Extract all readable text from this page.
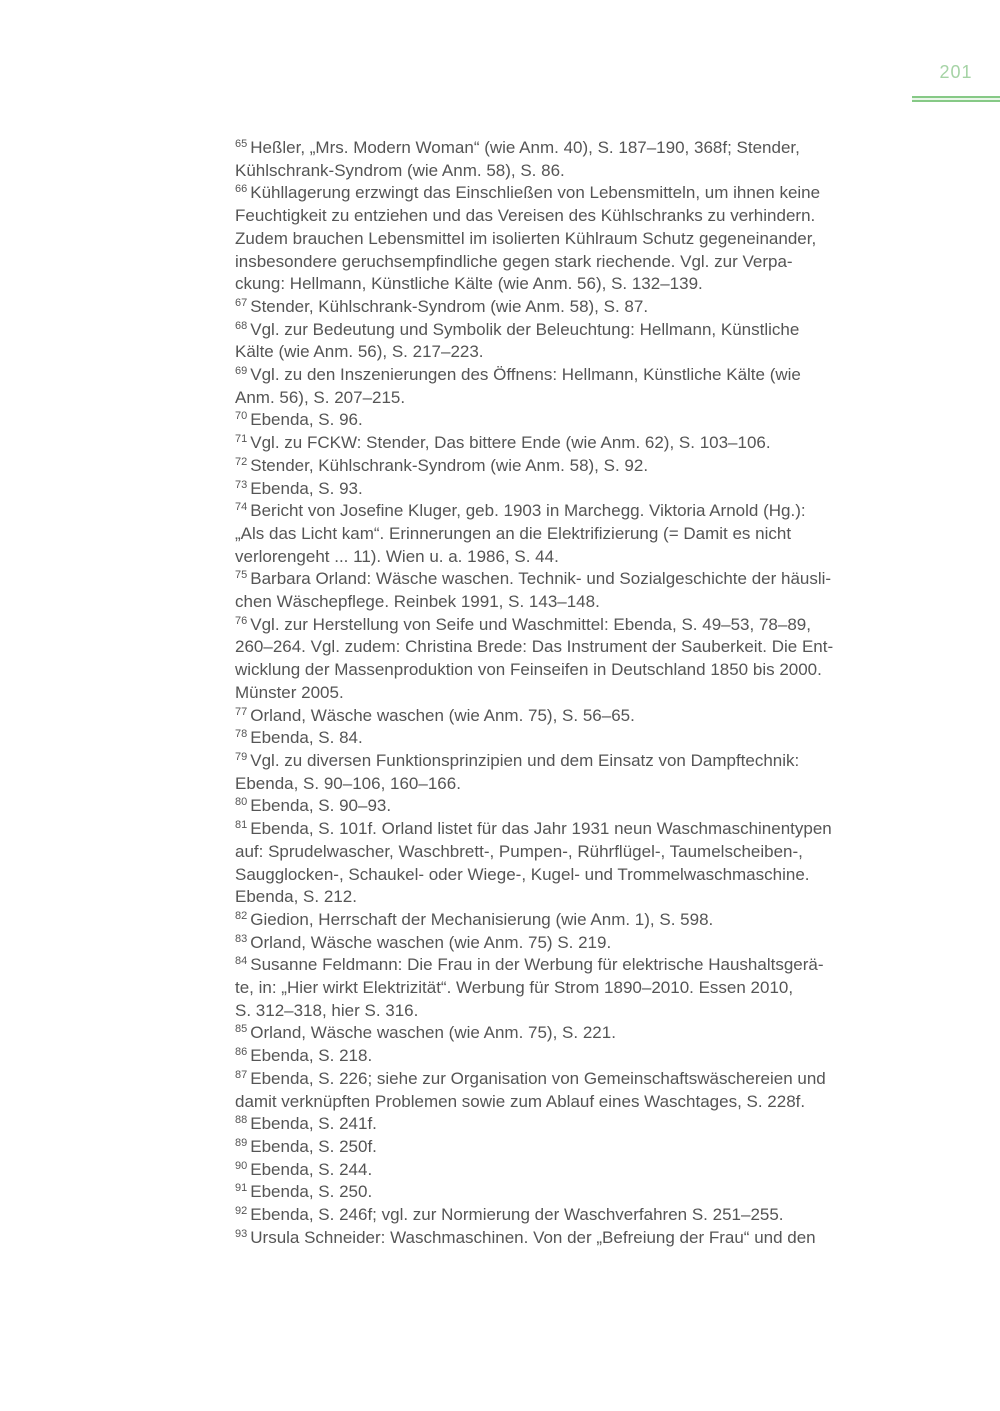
201

$^{65}$ Heßler, „Mrs. Modern Woman“ (wie Anm. 40), S. 187–190, 368f; Stender,
Kühlschrank-Syndrom (wie Anm. 58), S. 86.

$^{66}$ Kühllagerung erzwingt das Einschließen von Lebensmitteln, um ihnen keine
Feuchtigkeit zu entziehen und das Vereisen des Kühlschranks zu verhindern.
Zudem brauchen Lebensmittel im isolierten Kühlraum Schutz gegeneinander,
insbesondere geruchsempfindliche gegen stark riechende. Vgl. zur Verpa-
ckung: Hellmann, Künstliche Kälte (wie Anm. 56), S. 132–139.

$^{67}$ Stender, Kühlschrank-Syndrom (wie Anm. 58), S. 87.

$^{68}$ Vgl. zur Bedeutung und Symbolik der Beleuchtung: Hellmann, Künstliche
Kälte (wie Anm. 56), S. 217–223.

$^{69}$ Vgl. zu den Inszenierungen des Öffnens: Hellmann, Künstliche Kälte (wie
Anm. 56), S. 207–215.

$^{70}$ Ebenda, S. 96.

$^{71}$ Vgl. zu FCKW: Stender, Das bittere Ende (wie Anm. 62), S. 103–106.

$^{72}$ Stender, Kühlschrank-Syndrom (wie Anm. 58), S. 92.

$^{73}$ Ebenda, S. 93.

$^{74}$ Bericht von Josefine Kluger, geb. 1903 in Marchegg. Viktoria Arnold (Hg.):
„Als das Licht kam“. Erinnerungen an die Elektrifizierung (= Damit es nicht
verlorengeht ... 11). Wien u. a. 1986, S. 44.

$^{75}$ Barbara Orland: Wäsche waschen. Technik- und Sozialgeschichte der häusli-
chen Wäschepflege. Reinbek 1991, S. 143–148.

$^{76}$ Vgl. zur Herstellung von Seife und Waschmittel: Ebenda, S. 49–53, 78–89,
260–264. Vgl. zudem: Christina Brede: Das Instrument der Sauberkeit. Die Ent-
wicklung der Massenproduktion von Feinseifen in Deutschland 1850 bis 2000.
Münster 2005.

$^{77}$ Orland, Wäsche waschen (wie Anm. 75), S. 56–65.

$^{78}$ Ebenda, S. 84.

$^{79}$ Vgl. zu diversen Funktionsprinzipien und dem Einsatz von Dampftechnik:
Ebenda, S. 90–106, 160–166.

$^{80}$ Ebenda, S. 90–93.

$^{81}$ Ebenda, S. 101f. Orland listet für das Jahr 1931 neun Waschmaschinentypen
auf: Sprudelwascher, Waschbrett-, Pumpen-, Rührflügel-, Taumelscheiben-,
Saugglocken-, Schaukel- oder Wiege-, Kugel- und Trommelwaschmaschine.
Ebenda, S. 212.

$^{82}$ Giedion, Herrschaft der Mechanisierung (wie Anm. 1), S. 598.

$^{83}$ Orland, Wäsche waschen (wie Anm. 75) S. 219.

$^{84}$ Susanne Feldmann: Die Frau in der Werbung für elektrische Haushaltsgerä-
te, in: „Hier wirkt Elektrizität“. Werbung für Strom 1890–2010. Essen 2010,
S. 312–318, hier S. 316.

$^{85}$ Orland, Wäsche waschen (wie Anm. 75), S. 221.

$^{86}$ Ebenda, S. 218.

$^{87}$ Ebenda, S. 226; siehe zur Organisation von Gemeinschaftswäschereien und
damit verknüpften Problemen sowie zum Ablauf eines Waschtages, S. 228f.

$^{88}$ Ebenda, S. 241f.

$^{89}$ Ebenda, S. 250f.

$^{90}$ Ebenda, S. 244.

$^{91}$ Ebenda, S. 250.

$^{92}$ Ebenda, S. 246f; vgl. zur Normierung der Waschverfahren S. 251–255.

$^{93}$ Ursula Schneider: Waschmaschinen. Von der „Befreiung der Frau“ und den
